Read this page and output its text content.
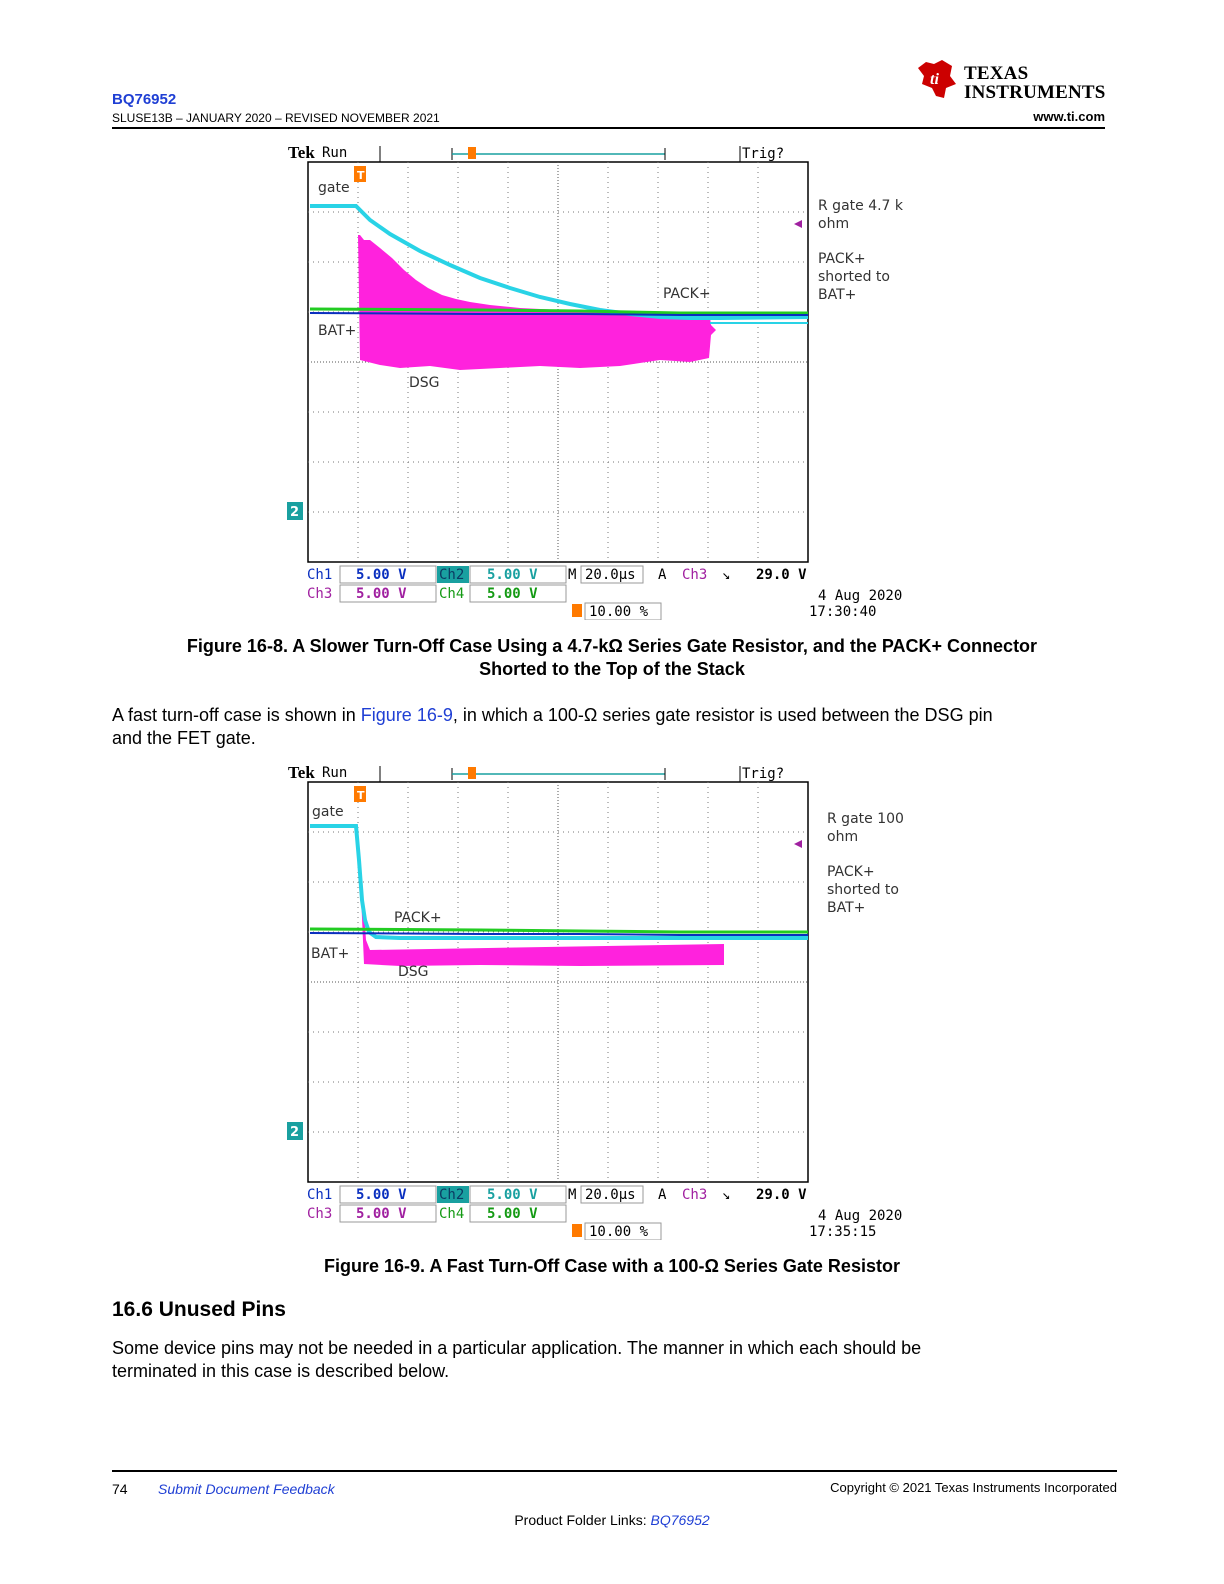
BQ76952
SLUSE13B – JANUARY 2020 – REVISED NOVEMBER 2021
ti TEXAS
INSTRUMENTS
www.ti.com
Tek Run	Trig?
T
gate
PACK+
BAT+
DSG
2
R gate 4.7 k
ohm
PACK+
shorted to
BAT+
Ch1 5.00 V Ch2 5.00 V M 20.0µs A Ch3 ↘ 29.0 V
Ch3 5.00 V Ch4 5.00 V
10.00 %
4 Aug 2020
17:30:40
Figure 16-8. A Slower Turn-Off Case Using a 4.7-kΩ Series Gate Resistor, and the PACK+ Connector
Shorted to the Top of the Stack
A fast turn-off case is shown in Figure 16-9, in which a 100-Ω series gate resistor is used between the DSG pin
and the FET gate.
Tek Run	Trig?
T
gate
PACK+
BAT+
DSG
2
R gate 100
ohm
PACK+
shorted to
BAT+
Ch1 5.00 V Ch2 5.00 V M 20.0µs A Ch3 ↘ 29.0 V
Ch3 5.00 V Ch4 5.00 V
10.00 %
4 Aug 2020
17:35:15
Figure 16-9. A Fast Turn-Off Case with a 100-Ω Series Gate Resistor
16.6 Unused Pins
Some device pins may not be needed in a particular application. The manner in which each should be
terminated in this case is described below.
74 Submit Document Feedback	Copyright © 2021 Texas Instruments Incorporated
Product Folder Links: BQ76952
